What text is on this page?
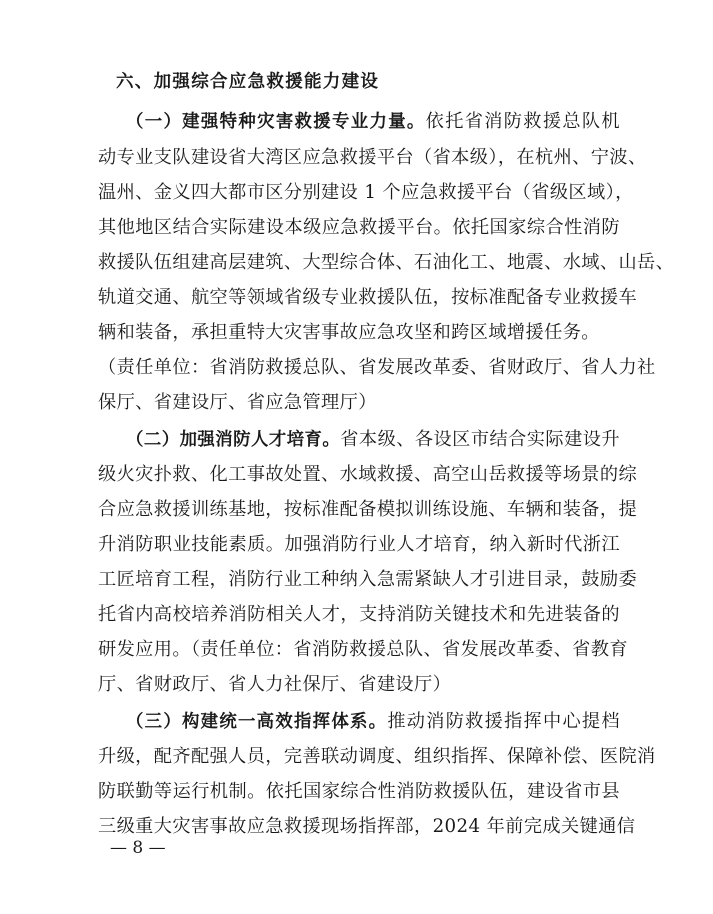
六、加强综合应急救援能力建设
（一）建强特种灾害救援专业力量。依托省消防救援总队机
动专业支队建设省大湾区应急救援平台（省本级），在杭州、宁波、
温州、金义四大都市区分别建设 1 个应急救援平台（省级区域），
其他地区结合实际建设本级应急救援平台。依托国家综合性消防
救援队伍组建高层建筑、大型综合体、石油化工、地震、水域、山岳、
轨道交通、航空等领域省级专业救援队伍，按标准配备专业救援车
辆和装备，承担重特大灾害事故应急攻坚和跨区域增援任务。
（责任单位：省消防救援总队、省发展改革委、省财政厅、省人力社
保厅、省建设厅、省应急管理厅）
（二）加强消防人才培育。省本级、各设区市结合实际建设升
级火灾扑救、化工事故处置、水域救援、高空山岳救援等场景的综
合应急救援训练基地，按标准配备模拟训练设施、车辆和装备，提
升消防职业技能素质。加强消防行业人才培育，纳入新时代浙江
工匠培育工程，消防行业工种纳入急需紧缺人才引进目录，鼓励委
托省内高校培养消防相关人才，支持消防关键技术和先进装备的
研发应用。（责任单位：省消防救援总队、省发展改革委、省教育
厅、省财政厅、省人力社保厅、省建设厅）
（三）构建统一高效指挥体系。推动消防救援指挥中心提档
升级，配齐配强人员，完善联动调度、组织指挥、保障补偿、医院消
防联勤等运行机制。依托国家综合性消防救援队伍，建设省市县
三级重大灾害事故应急救援现场指挥部，2024 年前完成关键通信
— 8 —
